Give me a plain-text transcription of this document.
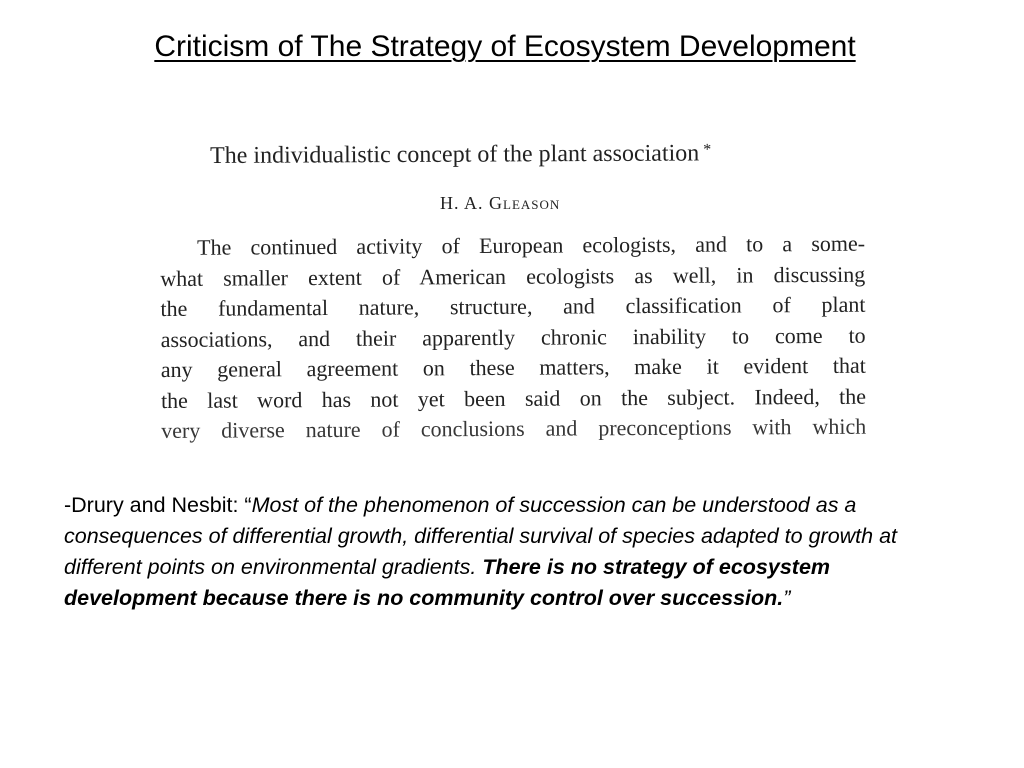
Criticism of The Strategy of Ecosystem Development
The individualistic concept of the plant association *
H. A. Gleason
The continued activity of European ecologists, and to a some-
what smaller extent of American ecologists as well, in discussing
the fundamental nature, structure, and classification of plant
associations, and their apparently chronic inability to come to
any general agreement on these matters, make it evident that
the last word has not yet been said on the subject. Indeed, the
very diverse nature of conclusions and preconceptions with which

-Drury and Nesbit: “Most of the phenomenon of succession can be understood as a consequences of differential growth, differential survival of species adapted to growth at different points on environmental gradients. There is no strategy of ecosystem development because there is no community control over succession.”
